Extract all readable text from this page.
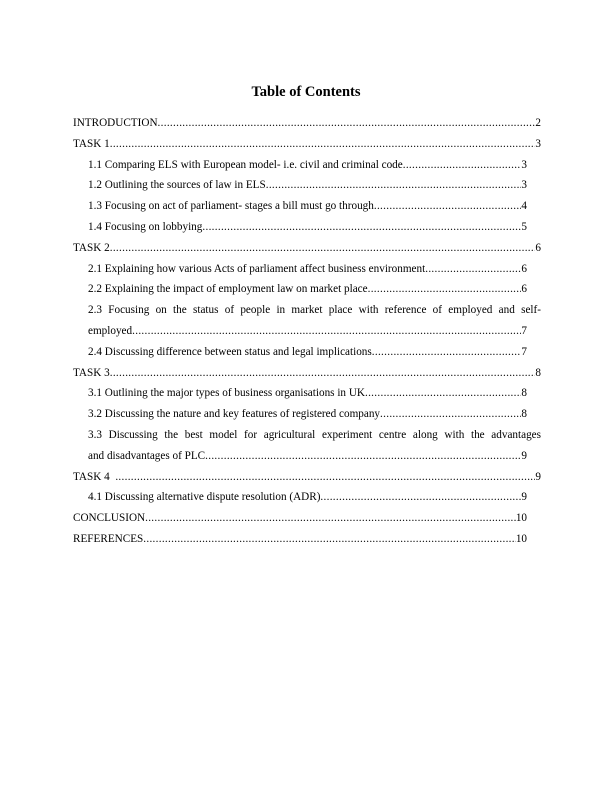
Table of Contents
INTRODUCTION .....	2
TASK 1 .....	3
1.1 Comparing ELS with European model- i.e. civil and criminal code .....	3
1.2 Outlining the sources of law in ELS .....	3
1.3 Focusing on act of parliament- stages a bill must go through .....	4
1.4 Focusing on lobbying .....	5
TASK 2 .....	6
2.1 Explaining how various Acts of parliament affect business environment .....	6
2.2 Explaining the impact of employment law on market place .....	6
2.3 Focusing on the status of people in market place with reference of employed and self-
employed .....	7
2.4 Discussing difference between status and legal implications .....	7
TASK 3 .....	8
3.1 Outlining the major types of business organisations in UK .....	8
3.2 Discussing the nature and key features of registered company .....	8
3.3 Discussing the best model for agricultural experiment centre along with the advantages
and disadvantages of PLC .....	9
TASK 4 .....	9
4.1 Discussing alternative dispute resolution (ADR) .....	9
CONCLUSION .....	10
REFERENCES .....	10
